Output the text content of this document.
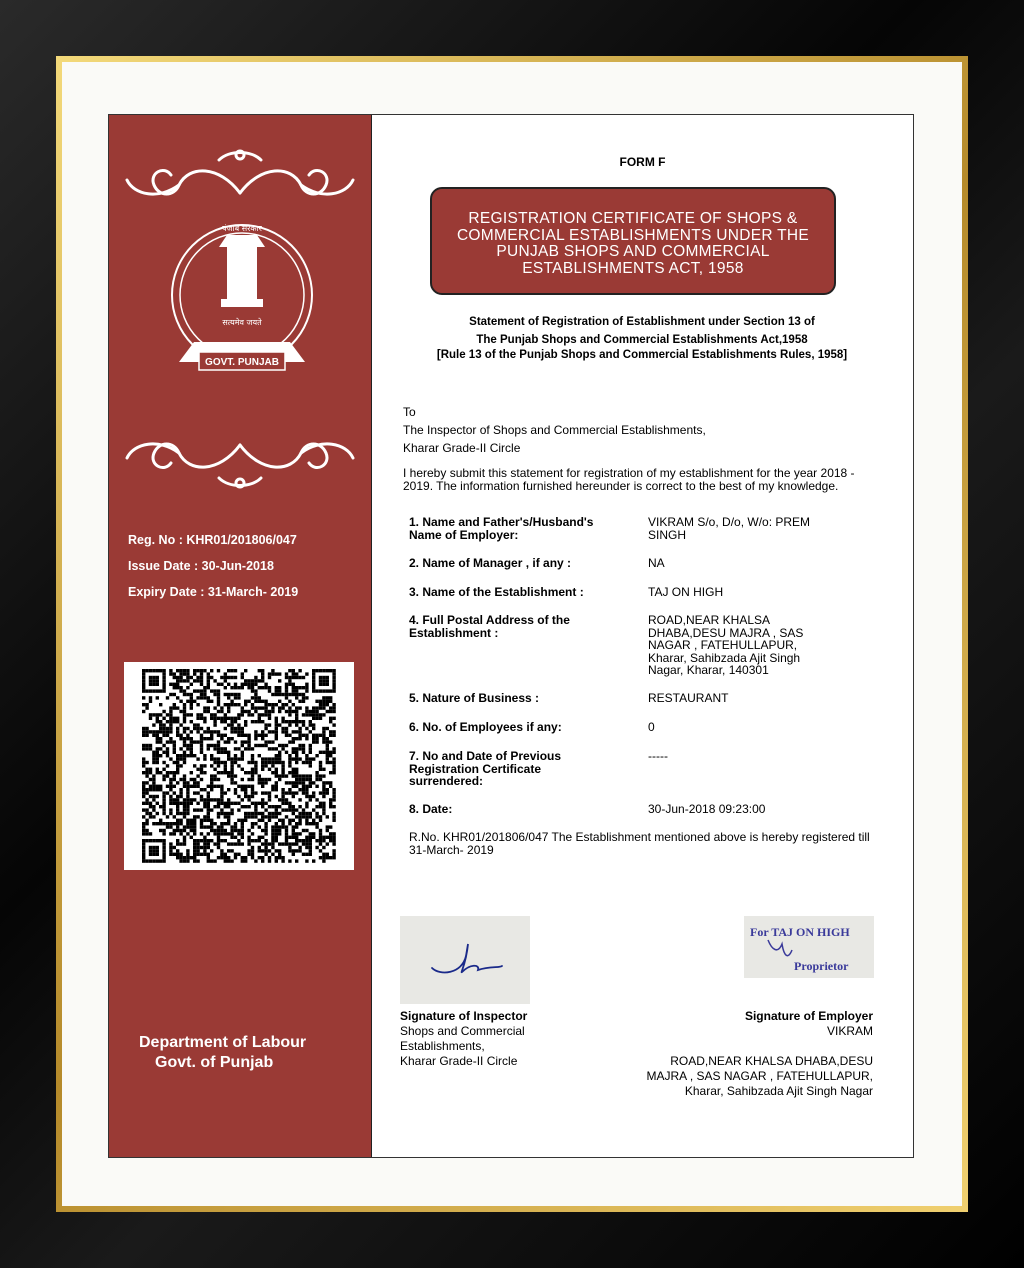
GOVT. PUNJAB
सत्यमेव जयते
पंजाब सरकार
Reg. No : KHR01/201806/047
Issue Date : 30-Jun-2018
Expiry Date : 31-March- 2019
Department of Labour
Govt. of Punjab
FORM F
REGISTRATION CERTIFICATE OF SHOPS & COMMERCIAL ESTABLISHMENTS UNDER THE PUNJAB SHOPS AND COMMERCIAL ESTABLISHMENTS ACT, 1958
Statement of Registration of Establishment under Section 13 of
The Punjab Shops and Commercial Establishments Act,1958
[Rule 13 of the Punjab Shops and Commercial Establishments Rules, 1958]
To
The Inspector of Shops and Commercial Establishments,
Kharar Grade-II Circle
I hereby submit this statement for registration of my establishment for the year 2018 - 2019. The information furnished hereunder is correct to the best of my knowledge.
1. Name and Father's/Husband's Name of Employer:
VIKRAM S/o, D/o, W/o: PREM SINGH
2. Name of Manager , if any :	NA
3. Name of the Establishment :	TAJ ON HIGH
4. Full Postal Address of the Establishment :
ROAD,NEAR KHALSA DHABA,DESU MAJRA , SAS NAGAR , FATEHULLAPUR, Kharar, Sahibzada Ajit Singh Nagar, Kharar, 140301
5. Nature of Business :	RESTAURANT
6. No. of Employees if any:	0
7. No and Date of Previous Registration Certificate surrendered:
-----
8. Date:	30-Jun-2018 09:23:00
R.No. KHR01/201806/047 The Establishment mentioned above is hereby registered till 31-March- 2019
For TAJ ON HIGH
Proprietor
Signature of Inspector
Shops and Commercial Establishments,
Kharar Grade-II Circle
Signature of Employer
VIKRAM
ROAD,NEAR KHALSA DHABA,DESU MAJRA , SAS NAGAR , FATEHULLAPUR, Kharar, Sahibzada Ajit Singh Nagar
